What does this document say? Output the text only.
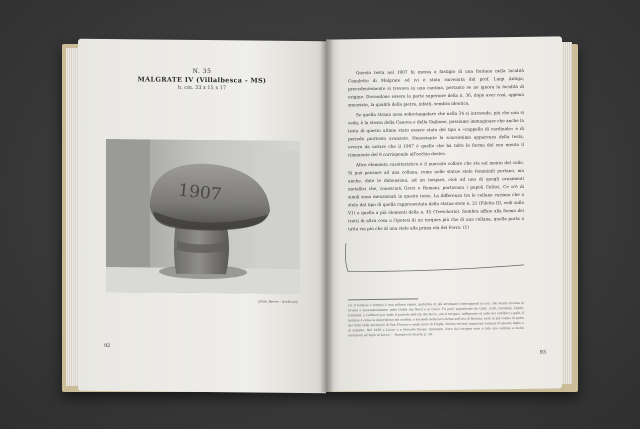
N. 35
MALGRATE IV (Villalbesca - MS)
h. cm. 33 x 15 x 17
1907
(Foto Berra - Archivio)
92

Questa testa nel 1907 fu messa a fastigio di una fontana nella località Canaletto di Malgrate ed ivi è stata rinvenuta dal prof. Luigi Antiga; precedentemente si trovava in una cantina, pertanto se ne ignora la località di origine. Dovendone essere la parte superiore della n. 36, dopo aver così, appena smussato, la qualità della pietra, infatti, sembra identica.

Se quella strana ansa sobretangolare che nella 34 si intravede, più che non si veda, è la stessa della Canova e della Giglione, possiamo immaginare che anche la testa di questo ultimo stato essere stato del tipo a «cappello di cardinale» e di periodo piuttosto avanzato. Nonostante la scarsissima apparenza della testa, ovvero da notare che il 1907 è quello che ha tolto la forma del suo mento il rimanente del 9 corrisponde all'occhio destro.

Altro elemento caratteristico è il marcato collare che sta sul mento del collo. Si può pensare ad una collana, come nelle statue stele femminili portano, ma anche, date le dimensioni, ad un torques, cioè ad uno di quegli ornamenti metallici che, conosciuti Greci e Romani, portavano i popoli Celtici. Ce n'è di simili sono menzionati in questo testo. La differenza tra le collane variano che a stelo dal tipo di quella rappresentata dalla statua-stele n. 21 (Filetto III, vedi sulla V1) e quella a più elementi della n. 45 (Trescherio). Sembra affine alla forma dei tratti di altra cosa a l'ipotesi di un torques più che di una collana, quella porta a tutta via più che di una stele alla prima età del Ferro. (1)

(1) Il torques o torquis è una collana rigida, metallica di più strumenti contrapposti in uso, che venne trovata in Grecia e successivamente nella Gallia del Nord e ai Greci. Fu però soprattutto da Galli, Celti, Germani, Liguri, Cantabri, e Celtiberi per tutto il periodo dell'età del Ferro, con il torques, raffigurato al collo dei celtiberi e galli, il torques è come la descrizione dei cardini; a seconda della loro forma sull'oro di Brescia, nota in più tombe di parte dei Galli nella necropoli di San Fiorano e negli scavi di Puglia, furono trovate numerose torques di queste leghe e di argento. Nel 1939 a Lecco e a Vercello furono rinvenute d'oro del torques vero a lato una collana a molte variazioni ad Agro di Lecco — Pensiero di Suardi, p. 58.
93
